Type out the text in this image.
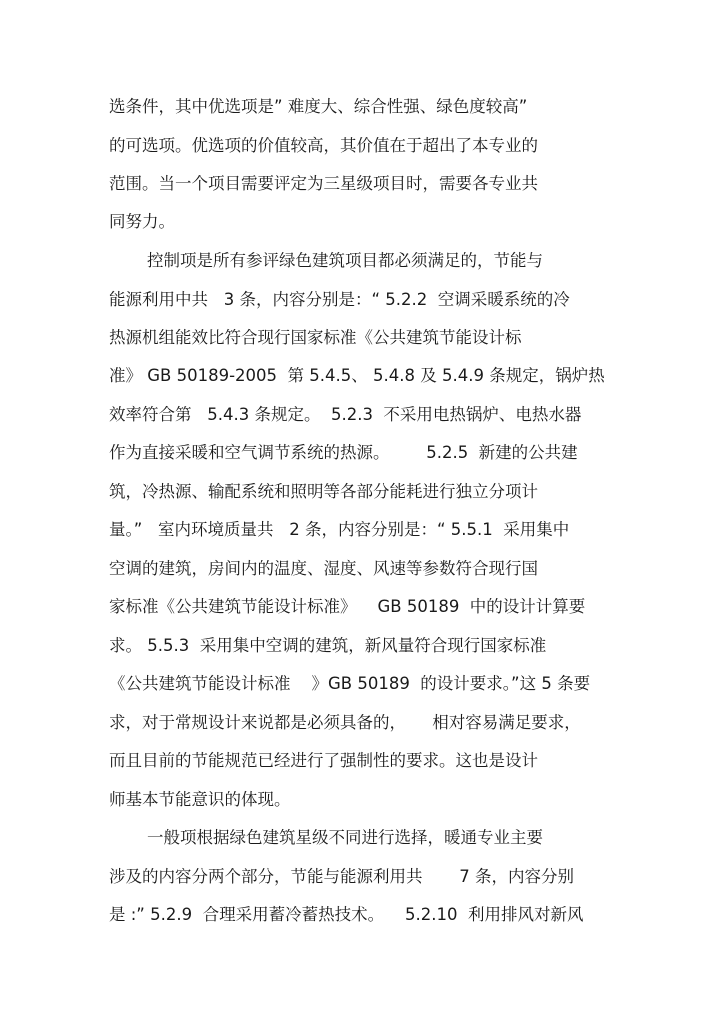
选条件，其中优选项是” 难度大、综合性强、绿色度较高”
的可选项。优选项的价值较高，其价值在于超出了本专业的
范围。当一个项目需要评定为三星级项目时，需要各专业共
同努力。
控制项是所有参评绿色建筑项目都必须满足的，节能与
能源利用中共   3 条，内容分别是：“ 5.2.2  空调采暖系统的冷
热源机组能效比符合现行国家标准《公共建筑节能设计标
准》 GB 50189-2005  第 5.4.5、 5.4.8 及 5.4.9 条规定，锅炉热
效率符合第   5.4.3 条规定。  5.2.3  不采用电热锅炉、电热水器
作为直接采暖和空气调节系统的热源。       5.2.5  新建的公共建
筑，冷热源、输配系统和照明等各部分能耗进行独立分项计
量。”   室内环境质量共   2 条，内容分别是：“ 5.5.1  采用集中
空调的建筑，房间内的温度、湿度、风速等参数符合现行国
家标准《公共建筑节能设计标准》    GB 50189  中的设计计算要
求。 5.5.3  采用集中空调的建筑，新风量符合现行国家标准
《公共建筑节能设计标准    》GB 50189  的设计要求。”这 5 条要
求，对于常规设计来说都是必须具备的，     相对容易满足要求，
而且目前的节能规范已经进行了强制性的要求。这也是设计
师基本节能意识的体现。
一般项根据绿色建筑星级不同进行选择，暖通专业主要
涉及的内容分两个部分，节能与能源利用共       7 条，内容分别
是 :” 5.2.9  合理采用蓄冷蓄热技术。    5.2.10  利用排风对新风
